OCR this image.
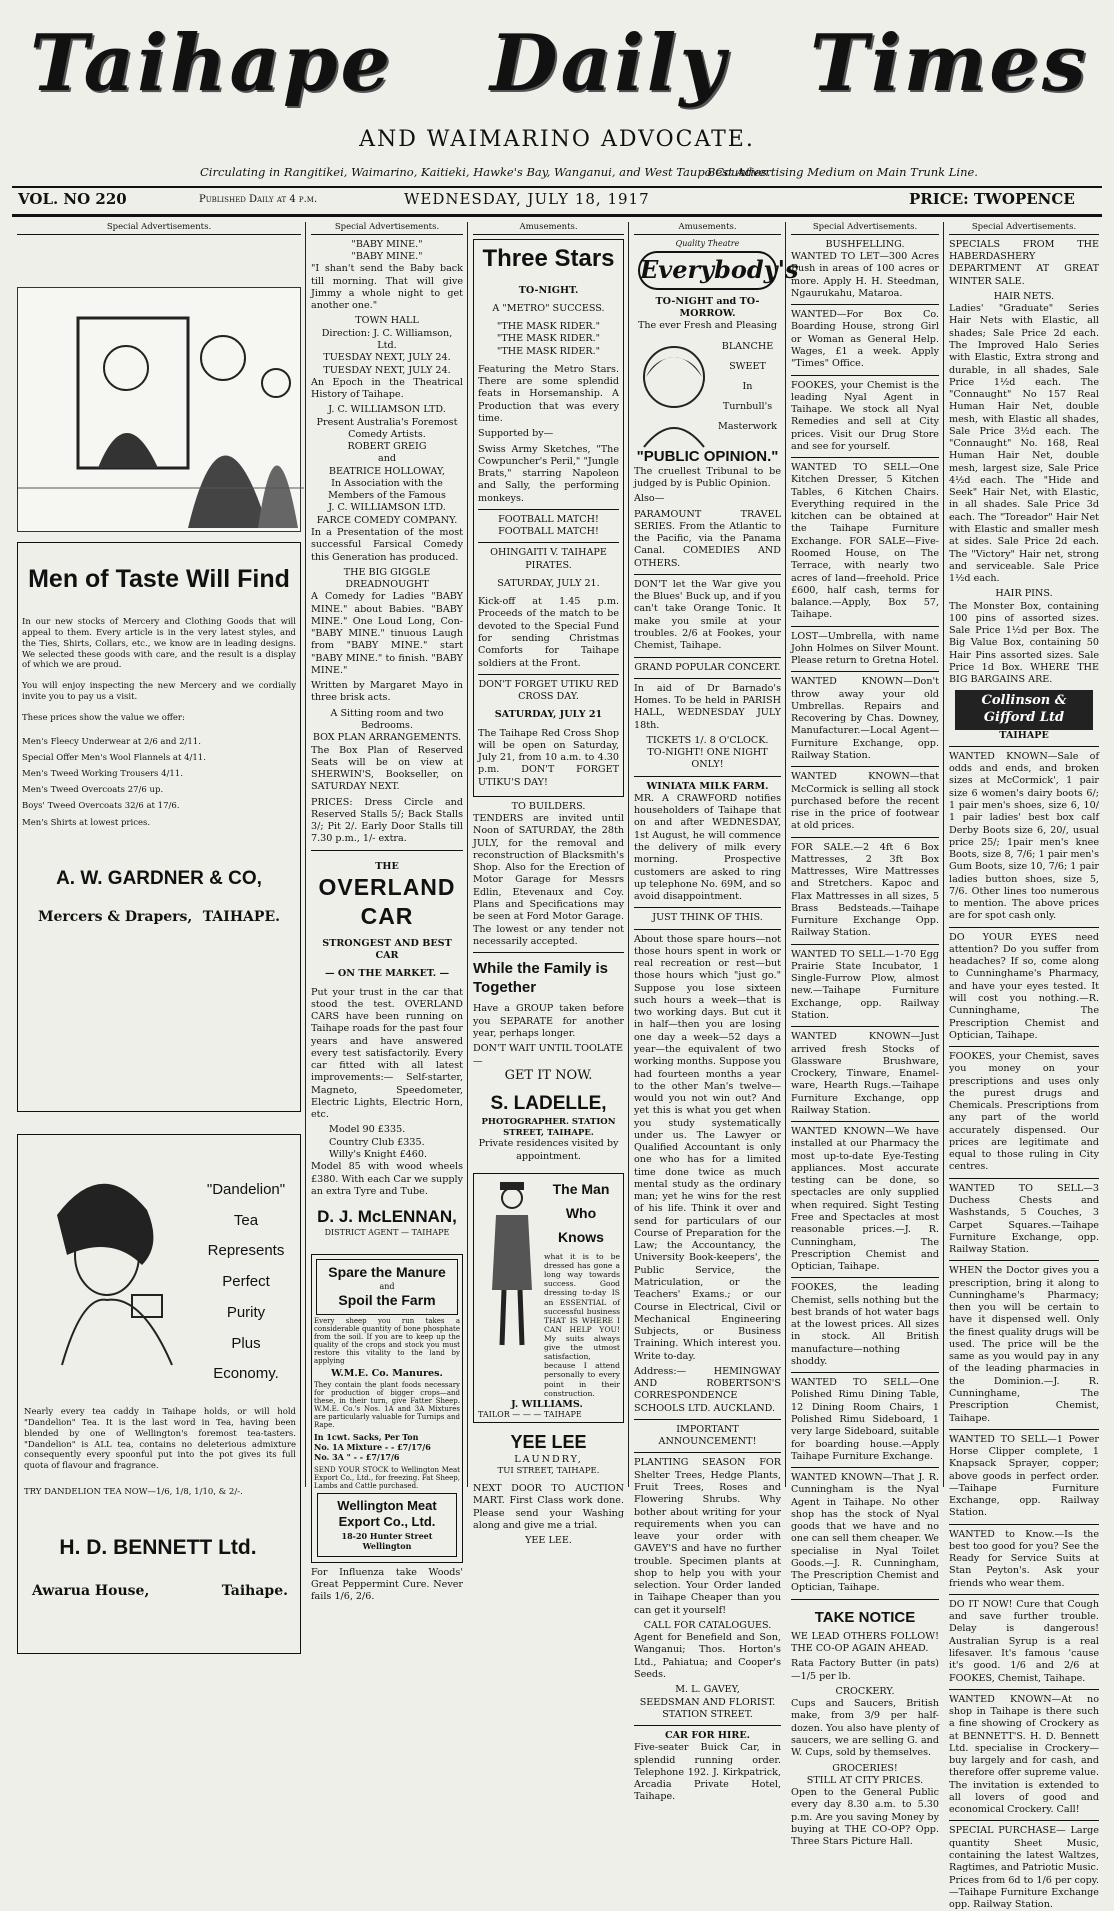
Taihape Daily Times
AND WAIMARINO ADVOCATE.
Circulating in Rangitikei, Waimarino, Kaitieki, Hawke's Bay, Wanganui, and West Taupo Counties.
Best Advertising Medium on Main Trunk Line.
VOL. NO 220	Published Daily at 4 p.m.	WEDNESDAY, JULY 18, 1917	PRICE: TWOPENCE
Special Advertisements.
Men of Taste Will Find

In our new stocks of Mercery and Clothing Goods that will appeal to them. Every article is in the very latest styles, and the Ties, Shirts, Collars, etc., we know are in leading designs. We selected these goods with care, and the result is a display of which we are proud.

You will enjoy inspecting the new Mercery and we cordially invite you to pay us a visit.

These prices show the value we offer:

Men's Fleecy Underwear at 2/6 and 2/11.
Special Offer Men's Wool Flannels at 4/11.
Men's Tweed Working Trousers 4/11.
Men's Tweed Overcoats 27/6 up.
Boys' Tweed Overcoats 32/6 at 17/6.
Men's Shirts at lowest prices.
A. W. GARDNER & CO,
Mercers & Drapers, TAIHAPE.
"Dandelion"
Tea
Represents
Perfect
Purity
Plus
Economy.

Nearly every tea caddy in Taihape holds, or will hold "Dandelion" Tea. It is the last word in Tea, having been blended by one of Wellington's foremost tea-tasters. "Dandelion" is ALL tea, contains no deleterious admixture consequently every spoonful put into the pot gives its full quota of flavour and fragrance.

TRY DANDELION TEA NOW—1/6, 1/8, 1/10, & 2/-.

H. D. BENNETT Ltd.
Awarua House,	Taihape.
Special Advertisements.
"BABY MINE."
"BABY MINE."

"I shan't send the Baby back till morning. That will give Jimmy a whole night to get another one."

TOWN HALL
Direction: J. C. Williamson, Ltd.
TUESDAY NEXT, JULY 24.
TUESDAY NEXT, JULY 24.

An Epoch in the Theatrical History of Taihape.

J. C. WILLIAMSON LTD.
Present Australia's Foremost Comedy Artists.
ROBERT GREIG
and
BEATRICE HOLLOWAY,
In Association with the Members of the Famous
J. C. WILLIAMSON LTD. FARCE COMEDY COMPANY.

In a Presentation of the most successful Farsical Comedy this Generation has produced.

THE BIG GIGGLE DREADNOUGHT

A Comedy for Ladies "BABY MINE." about Babies. "BABY MINE." One Loud Long, Con- "BABY MINE." tinuous Laugh from "BABY MINE." start "BABY MINE." to finish. "BABY MINE."

Written by Margaret Mayo in three brisk acts.

A Sitting room and two Bedrooms.
BOX PLAN ARRANGEMENTS.

The Box Plan of Reserved Seats will be on view at SHERWIN'S, Bookseller, on SATURDAY NEXT.

PRICES: Dress Circle and Reserved Stalls 5/; Back Stalls 3/; Pit 2/. Early Door Stalls till 7.30 p.m., 1/- extra.

THE
OVERLAND CAR
STRONGEST AND BEST CAR
— ON THE MARKET. —

Put your trust in the car that stood the test. OVERLAND CARS have been running on Taihape roads for the past four years and have answered every test satisfactorily. Every car fitted with all latest improvements:— Self-starter, Magneto, Speedometer, Electric Lights, Electric Horn, etc.

Model 90 £335.
Country Club £335.
Willy's Knight £460.

Model 85 with wood wheels £380. With each Car we supply an extra Tyre and Tube.

D. J. McLENNAN,
DISTRICT AGENT — TAIHAPE
Spare the Manure
and
Spoil the Farm

Every sheep you run takes a considerable quantity of bone phosphate from the soil. If you are to keep up the quality of the crops and stock you must restore this vitality to the land by applying

W.M.E. Co. Manures.

They contain the plant foods necessary for production of bigger crops—and these, in their turn, give Fatter Sheep. W.M.E. Co.'s Nos. 1A and 3A Mixtures are particularly valuable for Turnips and Rape.

In 1cwt. Sacks, Per Ton
No. 1A Mixture - - £7/17/6
No. 3A " - - £7/17/6

SEND YOUR STOCK to Wellington Meat Export Co., Ltd., for freezing. Fat Sheep, Lambs and Cattle purchased.

Wellington Meat Export Co., Ltd.
18-20 Hunter Street Wellington

For Influenza take Woods' Great Peppermint Cure. Never fails 1/6, 2/6.

Amusements.
Three Stars
TO-NIGHT.
A "METRO" SUCCESS.
"THE MASK RIDER."
"THE MASK RIDER."
"THE MASK RIDER."

Featuring the Metro Stars. There are some splendid feats in Horsemanship. A Production that was every time.

Supported by—

Swiss Army Sketches, "The Cowpuncher's Peril," "Jungle Brats," starring Napoleon and Sally, the performing monkeys.

FOOTBALL MATCH!
FOOTBALL MATCH!
OHINGAITI V. TAIHAPE PIRATES.
SATURDAY, JULY 21.

Kick-off at 1.45 p.m. Proceeds of the match to be devoted to the Special Fund for sending Christmas Comforts for Taihape soldiers at the Front.

DON'T FORGET UTIKU RED CROSS DAY.
SATURDAY, JULY 21

The Taihape Red Cross Shop will be open on Saturday, July 21, from 10 a.m. to 4.30 p.m. DON'T FORGET UTIKU'S DAY!

TO BUILDERS.

TENDERS are invited until Noon of SATURDAY, the 28th JULY, for the removal and reconstruction of Blacksmith's Shop. Also for the Erection of Motor Garage for Messrs Edlin, Etevenaux and Coy. Plans and Specifications may be seen at Ford Motor Garage. The lowest or any tender not necessarily accepted.

While the Family is Together

Have a GROUP taken before you SEPARATE for another year, perhaps longer.

DON'T WAIT UNTIL TOOLATE—
GET IT NOW.
S. LADELLE,
PHOTOGRAPHER. STATION STREET, TAIHAPE.
Private residences visited by appointment.
The Man
Who
Knows

what it is to be dressed has gone a long way towards success. Good dressing to-day IS an ESSENTIAL of successful business THAT IS WHERE I CAN HELP YOU! My suits always give the utmost satisfaction, because I attend personally to every point in their construction.

J. WILLIAMS.
TAILOR — — — TAIHAPE
YEE LEE
LAUNDRY,
TUI STREET, TAIHAPE.

NEXT DOOR TO AUCTION MART. First Class work done. Please send your Washing along and give me a trial.

YEE LEE.
Amusements.
Quality Theatre
Everybody's
TO-NIGHT and TO-MORROW.
The ever Fresh and Pleasing
BLANCHE
SWEET
In
Turnbull's
Masterwork
"PUBLIC OPINION."

The cruellest Tribunal to be judged by is Public Opinion.

Also—

PARAMOUNT TRAVEL SERIES. From the Atlantic to the Pacific, via the Panama Canal. COMEDIES AND OTHERS.

DON'T let the War give you the Blues' Buck up, and if you can't take Orange Tonic. It make you smile at your troubles. 2/6 at Fookes, your Chemist, Taihape.

GRAND POPULAR CONCERT.

In aid of Dr Barnado's Homes. To be held in PARISH HALL, WEDNESDAY JULY 18th.

TICKETS 1/. 8 O'CLOCK.
TO-NIGHT! ONE NIGHT ONLY!
WINIATA MILK FARM.

MR. A CRAWFORD notifies householders of Taihape that on and after WEDNESDAY, 1st August, he will commence the delivery of milk every morning. Prospective customers are asked to ring up telephone No. 69M, and so avoid disappointment.

JUST THINK OF THIS.

About those spare hours—not those hours spent in work or real recreation or rest—but those hours which "just go." Suppose you lose sixteen such hours a week—that is two working days. But cut it in half—then you are losing one day a week—52 days a year—the equivalent of two working months. Suppose you had fourteen months a year to the other Man's twelve—would you not win out? And yet this is what you get when you study systematically under us. The Lawyer or Qualified Accountant is only one who has for a limited time done twice as much mental study as the ordinary man; yet he wins for the rest of his life. Think it over and send for particulars of our Course of Preparation for the Law; the Accountancy, the University Book-keepers', the Public Service, the Matriculation, or the Teachers' Exams.; or our Course in Electrical, Civil or Mechanical Engineering Subjects, or Business Training. Which interest you. Write to-day.

Address:— HEMINGWAY AND ROBERTSON'S CORRESPONDENCE SCHOOLS LTD. AUCKLAND.

IMPORTANT ANNOUNCEMENT!

PLANTING SEASON FOR Shelter Trees, Hedge Plants, Fruit Trees, Roses and Flowering Shrubs. Why bother about writing for your requirements when you can leave your order with GAVEY'S and have no further trouble. Specimen plants at shop to help you with your selection. Your Order landed in Taihape Cheaper than you can get it yourself!

CALL FOR CATALOGUES.

Agent for Benefield and Son, Wanganui; Thos. Horton's Ltd., Pahiatua; and Cooper's Seeds.

M. L. GAVEY,
SEEDSMAN AND FLORIST. STATION STREET.
CAR FOR HIRE.

Five-seater Buick Car, in splendid running order. Telephone 192. J. Kirkpatrick, Arcadia Private Hotel, Taihape.

Special Advertisements.
BUSHFELLING.

WANTED TO LET—300 Acres Bush in areas of 100 acres or more. Apply H. H. Steedman, Ngaurukahu, Mataroa.

WANTED—For Box Co. Boarding House, strong Girl or Woman as General Help. Wages, £1 a week. Apply "Times" Office.

FOOKES, your Chemist is the leading Nyal Agent in Taihape. We stock all Nyal Remedies and sell at City prices. Visit our Drug Store and see for yourself.

WANTED TO SELL—One Kitchen Dresser, 5 Kitchen Tables, 6 Kitchen Chairs. Everything required in the kitchen can be obtained at the Taihape Furniture Exchange. FOR SALE—Five-Roomed House, on The Terrace, with nearly two acres of land—freehold. Price £600, half cash, terms for balance.—Apply, Box 57, Taihape.

LOST—Umbrella, with name John Holmes on Silver Mount. Please return to Gretna Hotel.

WANTED KNOWN—Don't throw away your old Umbrellas. Repairs and Recovering by Chas. Downey, Manufacturer.—Local Agent—Furniture Exchange, opp. Railway Station.

WANTED KNOWN—that McCormick is selling all stock purchased before the recent rise in the price of footwear at old prices.

FOR SALE.—2 4ft 6 Box Mattresses, 2 3ft Box Mattresses, Wire Mattresses and Stretchers. Kapoc and Flax Mattresses in all sizes, 5 Brass Bedsteads.—Taihape Furniture Exchange Opp. Railway Station.

WANTED TO SELL—1-70 Egg Prairie State Incubator, 1 Single-Furrow Plow, almost new.—Taihape Furniture Exchange, opp. Railway Station.

WANTED KNOWN—Just arrived fresh Stocks of Glassware Brushware, Crockery, Tinware, Enamel-ware, Hearth Rugs.—Taihape Furniture Exchange, opp Railway Station.

WANTED KNOWN—We have installed at our Pharmacy the most up-to-date Eye-Testing appliances. Most accurate testing can be done, so spectacles are only supplied when required. Sight Testing Free and Spectacles at most reasonable prices.—J. R. Cunningham, The Prescription Chemist and Optician, Taihape.

FOOKES, the leading Chemist, sells nothing but the best brands of hot water bags at the lowest prices. All sizes in stock. All British manufacture—nothing shoddy.

WANTED TO SELL—One Polished Rimu Dining Table, 12 Dining Room Chairs, 1 Polished Rimu Sideboard, 1 very large Sideboard, suitable for boarding house.—Apply Taihape Furniture Exchange.

WANTED KNOWN—That J. R. Cunningham is the Nyal Agent in Taihape. No other shop has the stock of Nyal goods that we have and no one can sell them cheaper. We specialise in Nyal Toilet Goods.—J. R. Cunningham, The Prescription Chemist and Optician, Taihape.

TAKE NOTICE

WE LEAD OTHERS FOLLOW! THE CO-OP AGAIN AHEAD.

Rata Factory Butter (in pats)—1/5 per lb.

CROCKERY.

Cups and Saucers, British make, from 3/9 per half-dozen. You also have plenty of saucers, we are selling G. and W. Cups, sold by themselves.

GROCERIES!
STILL AT CITY PRICES.

Open to the General Public every day 8.30 a.m. to 5.30 p.m. Are you saving Money by buying at THE CO-OP? Opp. Three Stars Picture Hall.

Special Advertisements.

SPECIALS FROM THE HABERDASHERY DEPARTMENT AT GREAT WINTER SALE.

HAIR NETS.

Ladies' "Graduate" Series Hair Nets with Elastic, all shades; Sale Price 2d each. The Improved Halo Series with Elastic, Extra strong and durable, in all shades, Sale Price 1½d each. The "Connaught" No 157 Real Human Hair Net, double mesh, with Elastic all shades, Sale Price 3½d each. The "Connaught" No. 168, Real Human Hair Net, double mesh, largest size, Sale Price 4½d each. The "Hide and Seek" Hair Net, with Elastic, in all shades. Sale Price 3d each. The "Toreador" Hair Net with Elastic and smaller mesh at sides. Sale Price 2d each. The "Victory" Hair net, strong and serviceable. Sale Price 1½d each.

HAIR PINS.

The Monster Box, containing 100 pins of assorted sizes. Sale Price 1½d per Box. The Big Value Box, containing 50 Hair Pins assorted sizes. Sale Price 1d Box. WHERE THE BIG BARGAINS ARE.

Collinson & Gifford Ltd
TAIHAPE

WANTED KNOWN—Sale of odds and ends, and broken sizes at McCormick', 1 pair size 6 women's dairy boots 6/; 1 pair men's shoes, size 6, 10/ 1 pair ladies' best box calf Derby Boots size 6, 20/, usual price 25/; 1pair men's knee Boots, size 8, 7/6; 1 pair men's Gum Boots, size 10, 7/6; 1 pair ladies button shoes, size 5, 7/6. Other lines too numerous to mention. The above prices are for spot cash only.

DO YOUR EYES need attention? Do you suffer from headaches? If so, come along to Cunninghame's Pharmacy, and have your eyes tested. It will cost you nothing.—R. Cunninghame, The Prescription Chemist and Optician, Taihape.

FOOKES, your Chemist, saves you money on your prescriptions and uses only the purest drugs and Chemicals. Prescriptions from any part of the world accurately dispensed. Our prices are legitimate and equal to those ruling in City centres.

WANTED TO SELL—3 Duchess Chests and Washstands, 5 Couches, 3 Carpet Squares.—Taihape Furniture Exchange, opp. Railway Station.

WHEN the Doctor gives you a prescription, bring it along to Cunninghame's Pharmacy; then you will be certain to have it dispensed well. Only the finest quality drugs will be used. The price will be the same as you would pay in any of the leading pharmacies in the Dominion.—J. R. Cunninghame, The Prescription Chemist, Taihape.

WANTED TO SELL—1 Power Horse Clipper complete, 1 Knapsack Sprayer, copper; above goods in perfect order.—Taihape Furniture Exchange, opp. Railway Station.

WANTED to Know.—Is the best too good for you? See the Ready for Service Suits at Stan Peyton's. Ask your friends who wear them.

DO IT NOW! Cure that Cough and save further trouble. Delay is dangerous! Australian Syrup is a real lifesaver. It's famous 'cause it's good. 1/6 and 2/6 at FOOKES, Chemist, Taihape.

WANTED KNOWN—At no shop in Taihape is there such a fine showing of Crockery as at BENNETT'S. H. D. Bennett Ltd. specialise in Crockery—buy largely and for cash, and therefore offer supreme value. The invitation is extended to all lovers of good and economical Crockery. Call!

SPECIAL PURCHASE— Large quantity Sheet Music, containing the latest Waltzes, Ragtimes, and Patriotic Music. Prices from 6d to 1/6 per copy.—Taihape Furniture Exchange opp. Railway Station.
